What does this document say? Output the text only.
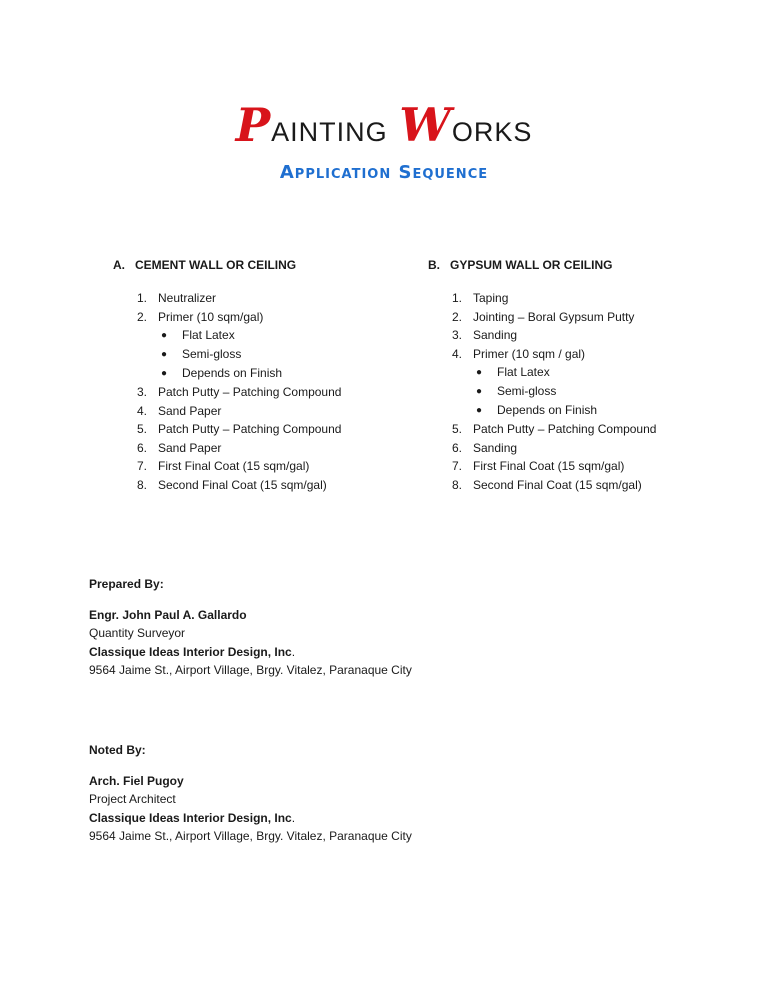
Painting Works
Application Sequence
A. CEMENT WALL OR CEILING
1. Neutralizer
2. Primer (10 sqm/gal)
●	Flat Latex
●	Semi-gloss
●	Depends on Finish
3. Patch Putty – Patching Compound
4. Sand Paper
5. Patch Putty – Patching Compound
6. Sand Paper
7. First Final Coat (15 sqm/gal)
8. Second Final Coat (15 sqm/gal)
B. GYPSUM WALL OR CEILING
1. Taping
2. Jointing – Boral Gypsum Putty
3. Sanding
4. Primer (10 sqm / gal)
●	Flat Latex
●	Semi-gloss
●	Depends on Finish
5. Patch Putty – Patching Compound
6. Sanding
7. First Final Coat (15 sqm/gal)
8. Second Final Coat (15 sqm/gal)
Prepared By:
Engr. John Paul A. Gallardo
Quantity Surveyor
Classique Ideas Interior Design, Inc.
9564 Jaime St., Airport Village, Brgy. Vitalez, Paranaque City
Noted By:
Arch. Fiel Pugoy
Project Architect
Classique Ideas Interior Design, Inc.
9564 Jaime St., Airport Village, Brgy. Vitalez, Paranaque City
